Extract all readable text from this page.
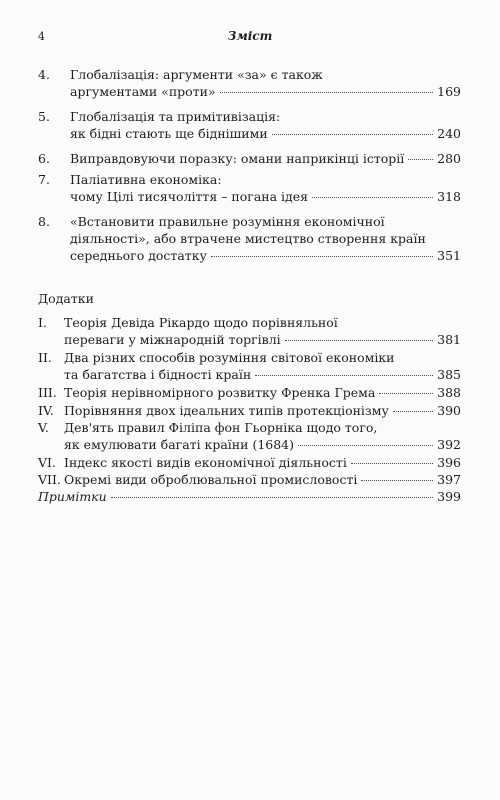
4	Зміст
4.	Глобалізація: аргументи «за» є також
аргументами «проти»	169
5.	Глобалізація та примітивізація:
як бідні стають ще біднішими	240
6.	Виправдовуючи поразку: омани наприкінці історії	280
7.	Паліативна економіка:
чому Цілі тисячоліття – погана ідея	318
8.	«Встановити правильне розуміння економічної
діяльності», або втрачене мистецтво створення країн
середнього достатку	351
Додатки
I.	Теорія Девіда Рікардо щодо порівняльної
переваги у міжнародній торгівлі	381
II. Два різних способів розуміння світової економіки
та багатства і бідності країн	385
III. Теорія нерівномірного розвитку Френка Грема	388
IV. Порівняння двох ідеальних типів протекціонізму	390
V.	Дев'ять правил Філіпа фон Гьорніка щодо того,
як емулювати багаті країни (1684)	392
VI. Індекс якості видів економічної діяльності	396
VII. Окремі види оброблювальної промисловості	397
Примітки	399
